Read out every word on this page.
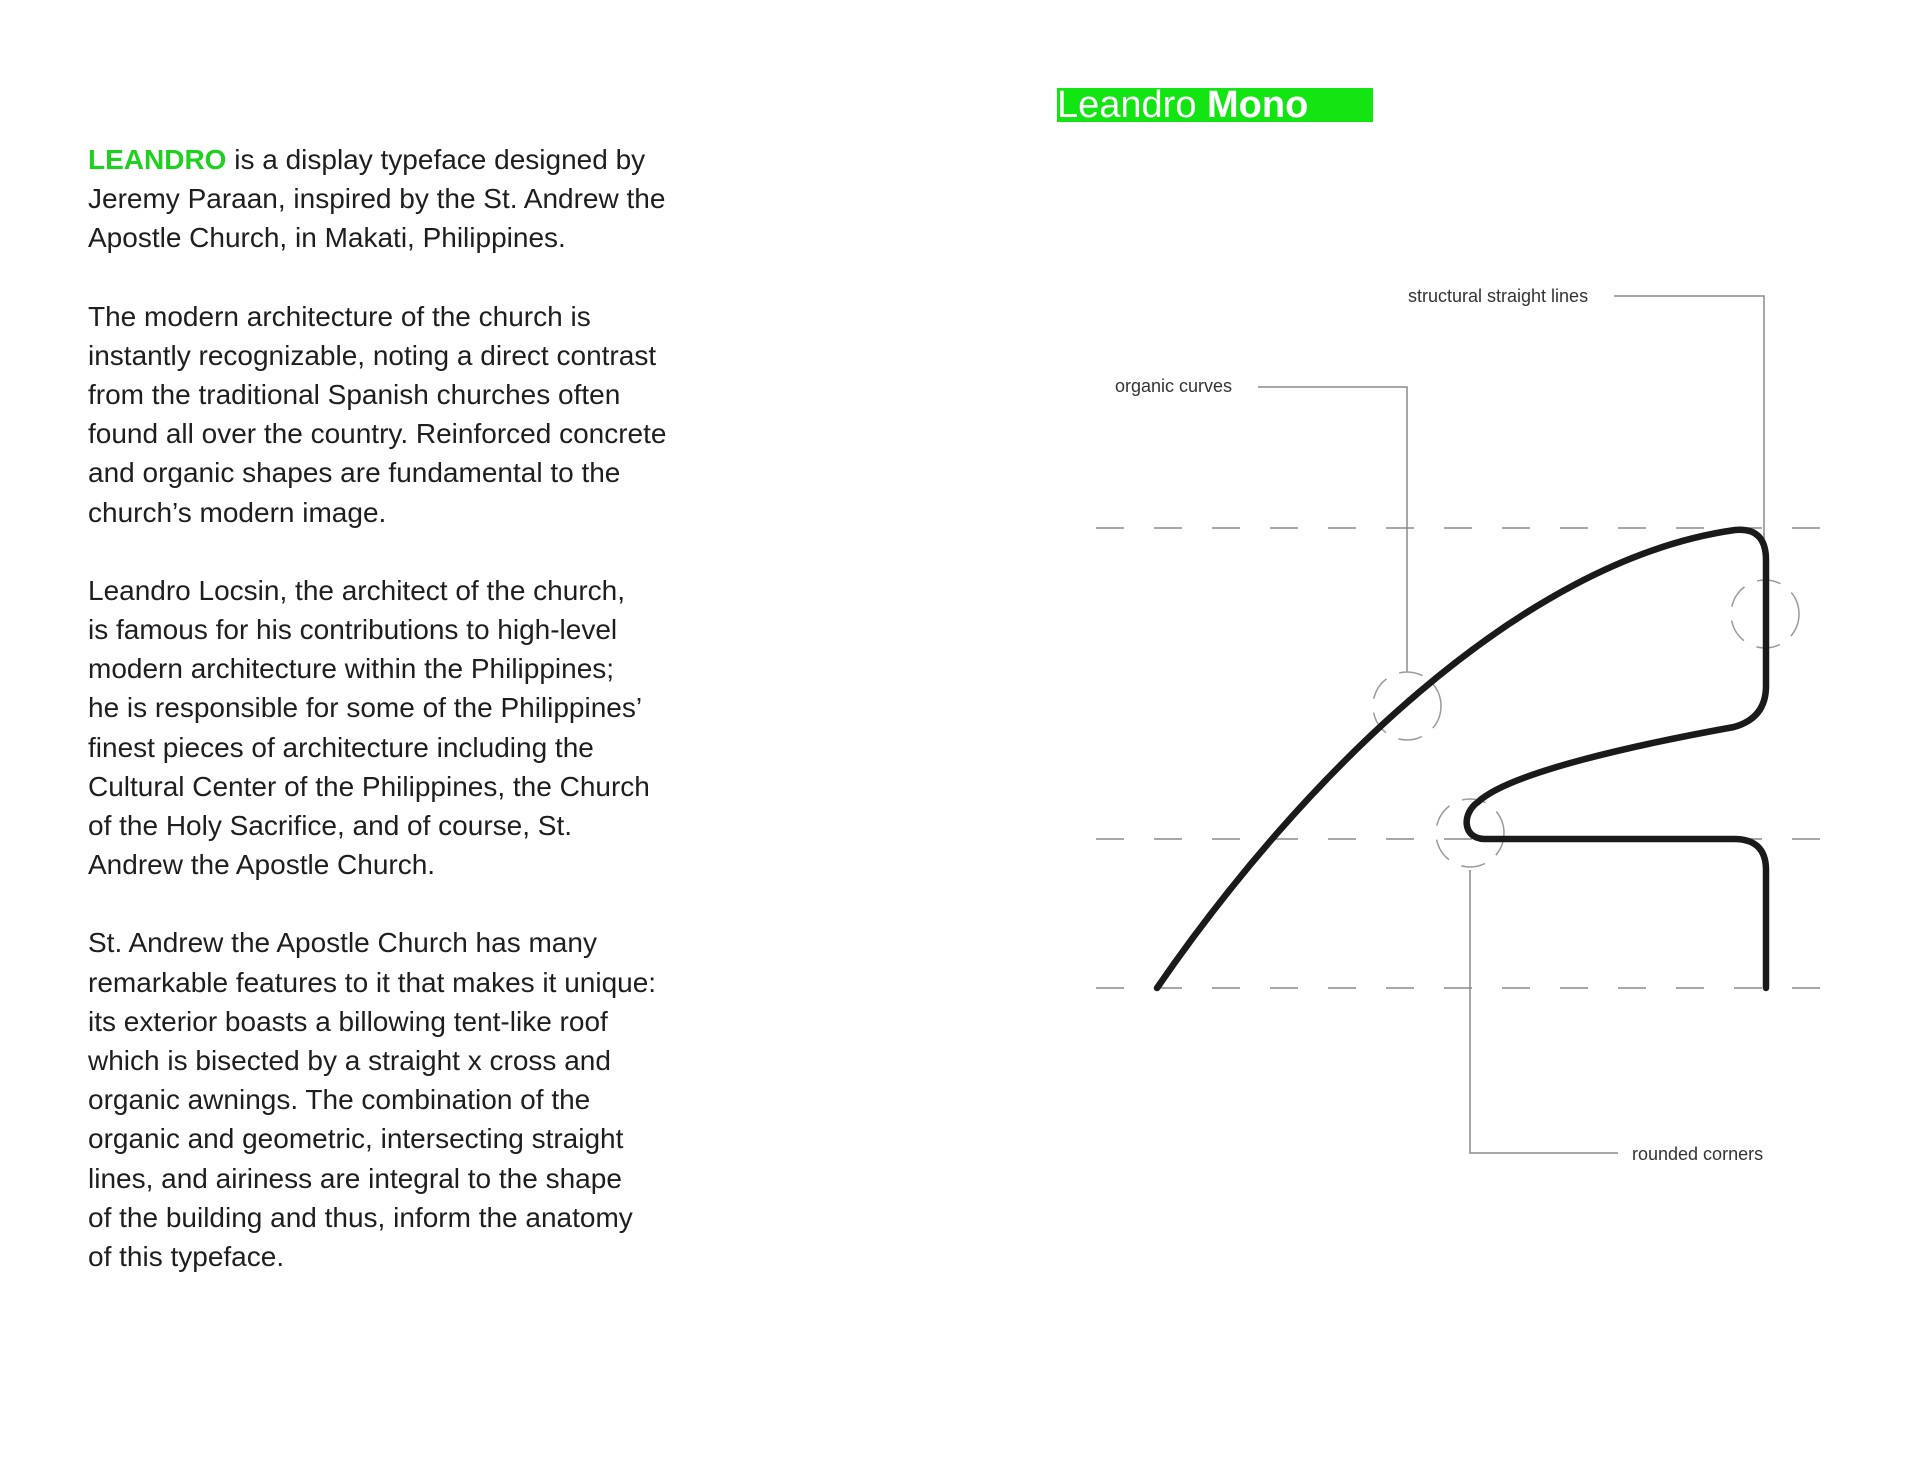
Leandro Mono

LEANDRO is a display typeface designed by
Jeremy Paraan, inspired by the St. Andrew the
Apostle Church, in Makati, Philippines.

The modern architecture of the church is
instantly recognizable, noting a direct contrast
from the traditional Spanish churches often
found all over the country. Reinforced concrete
and organic shapes are fundamental to the
church’s modern image.

Leandro Locsin, the architect of the church,
is famous for his contributions to high-level
modern architecture within the Philippines;
he is responsible for some of the Philippines’
finest pieces of architecture including the
Cultural Center of the Philippines, the Church
of the Holy Sacrifice, and of course, St.
Andrew the Apostle Church.

St. Andrew the Apostle Church has many
remarkable features to it that makes it unique:
its exterior boasts a billowing tent-like roof
which is bisected by a straight x cross and
organic awnings. The combination of the
organic and geometric, intersecting straight
lines, and airiness are integral to the shape
of the building and thus, inform the anatomy
of this typeface.

structural straight lines
organic curves
rounded corners
